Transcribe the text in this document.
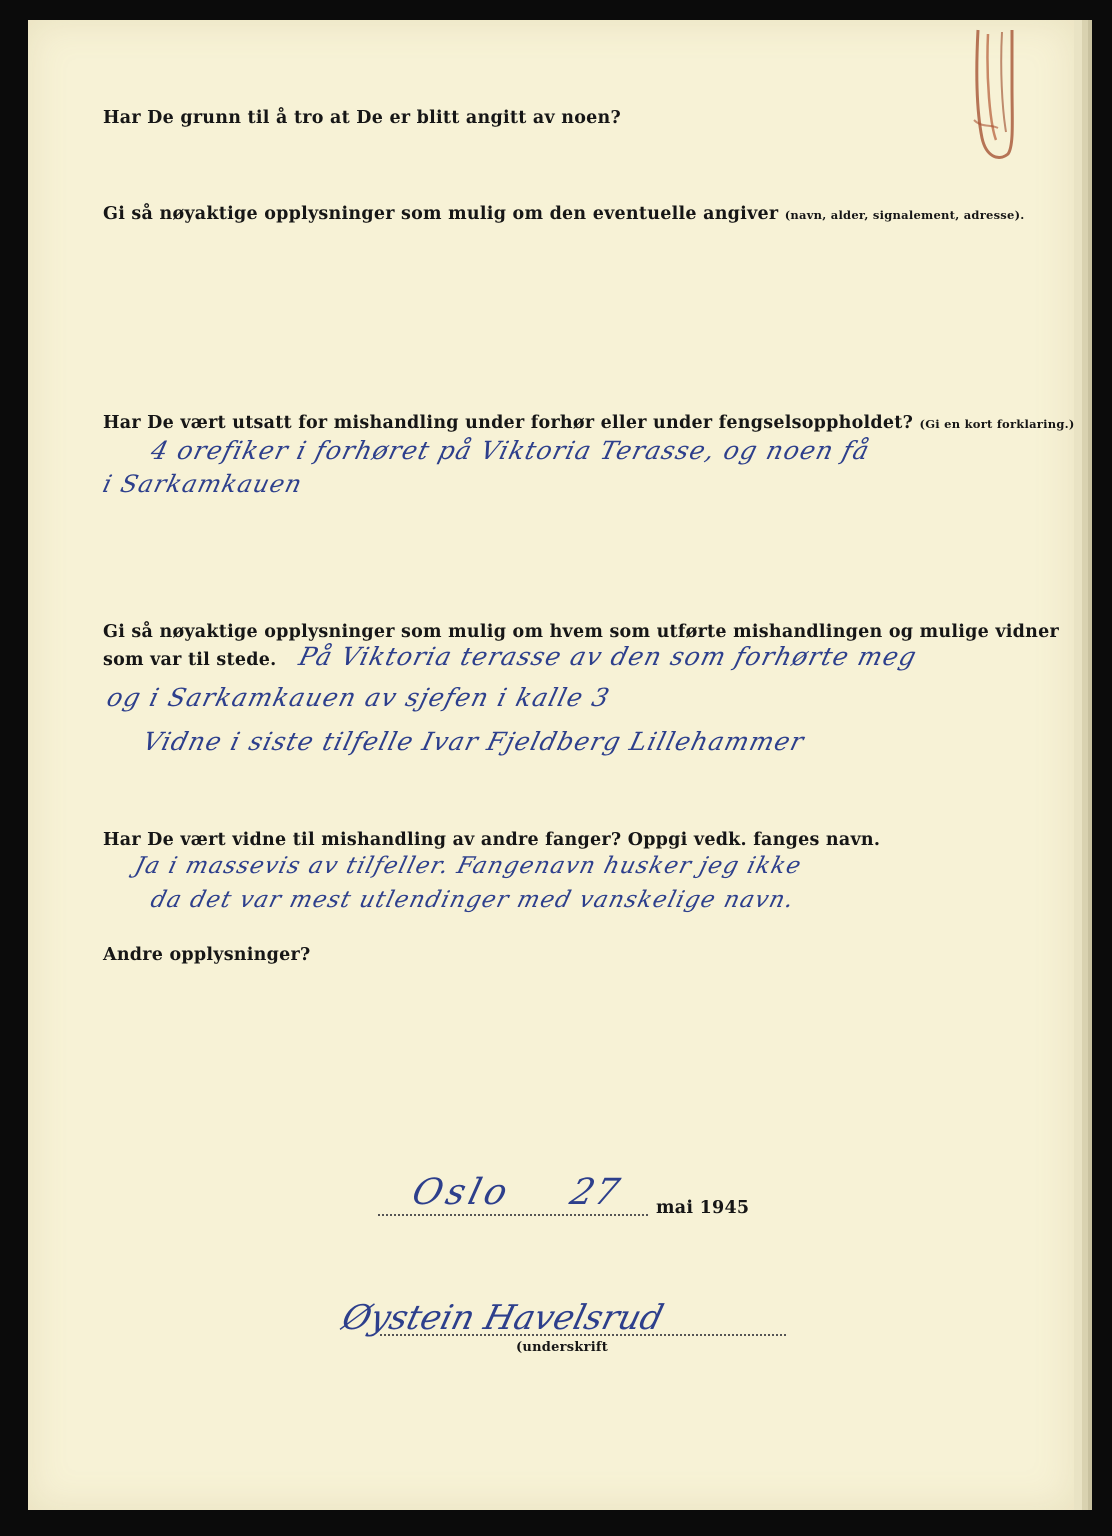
Har De grunn til å tro at De er blitt angitt av noen?
Gi så nøyaktige opplysninger som mulig om den eventuelle angiver (navn, alder, signalement, adresse).
Har De vært utsatt for mishandling under forhør eller under fengselsoppholdet? (Gi en kort forklaring.)
4 orefiker i forhøret på Viktoria Terasse, og noen få
i Sarkamkauen
Gi så nøyaktige opplysninger som mulig om hvem som utførte mishandlingen og mulige vidner
som var til stede. På Viktoria terasse av den som forhørte meg
og i Sarkamkauen av sjefen i kalle 3
Vidne i siste tilfelle Ivar Fjeldberg Lillehammer
Har De vært vidne til mishandling av andre fanger? Oppgi vedk. fanges navn.
Ja i massevis av tilfeller. Fangenavn husker jeg ikke
da det var mest utlendinger med vanskelige navn.
Andre opplysninger?
Oslo 27 mai 1945
Øystein Havelsrud
(underskrift
